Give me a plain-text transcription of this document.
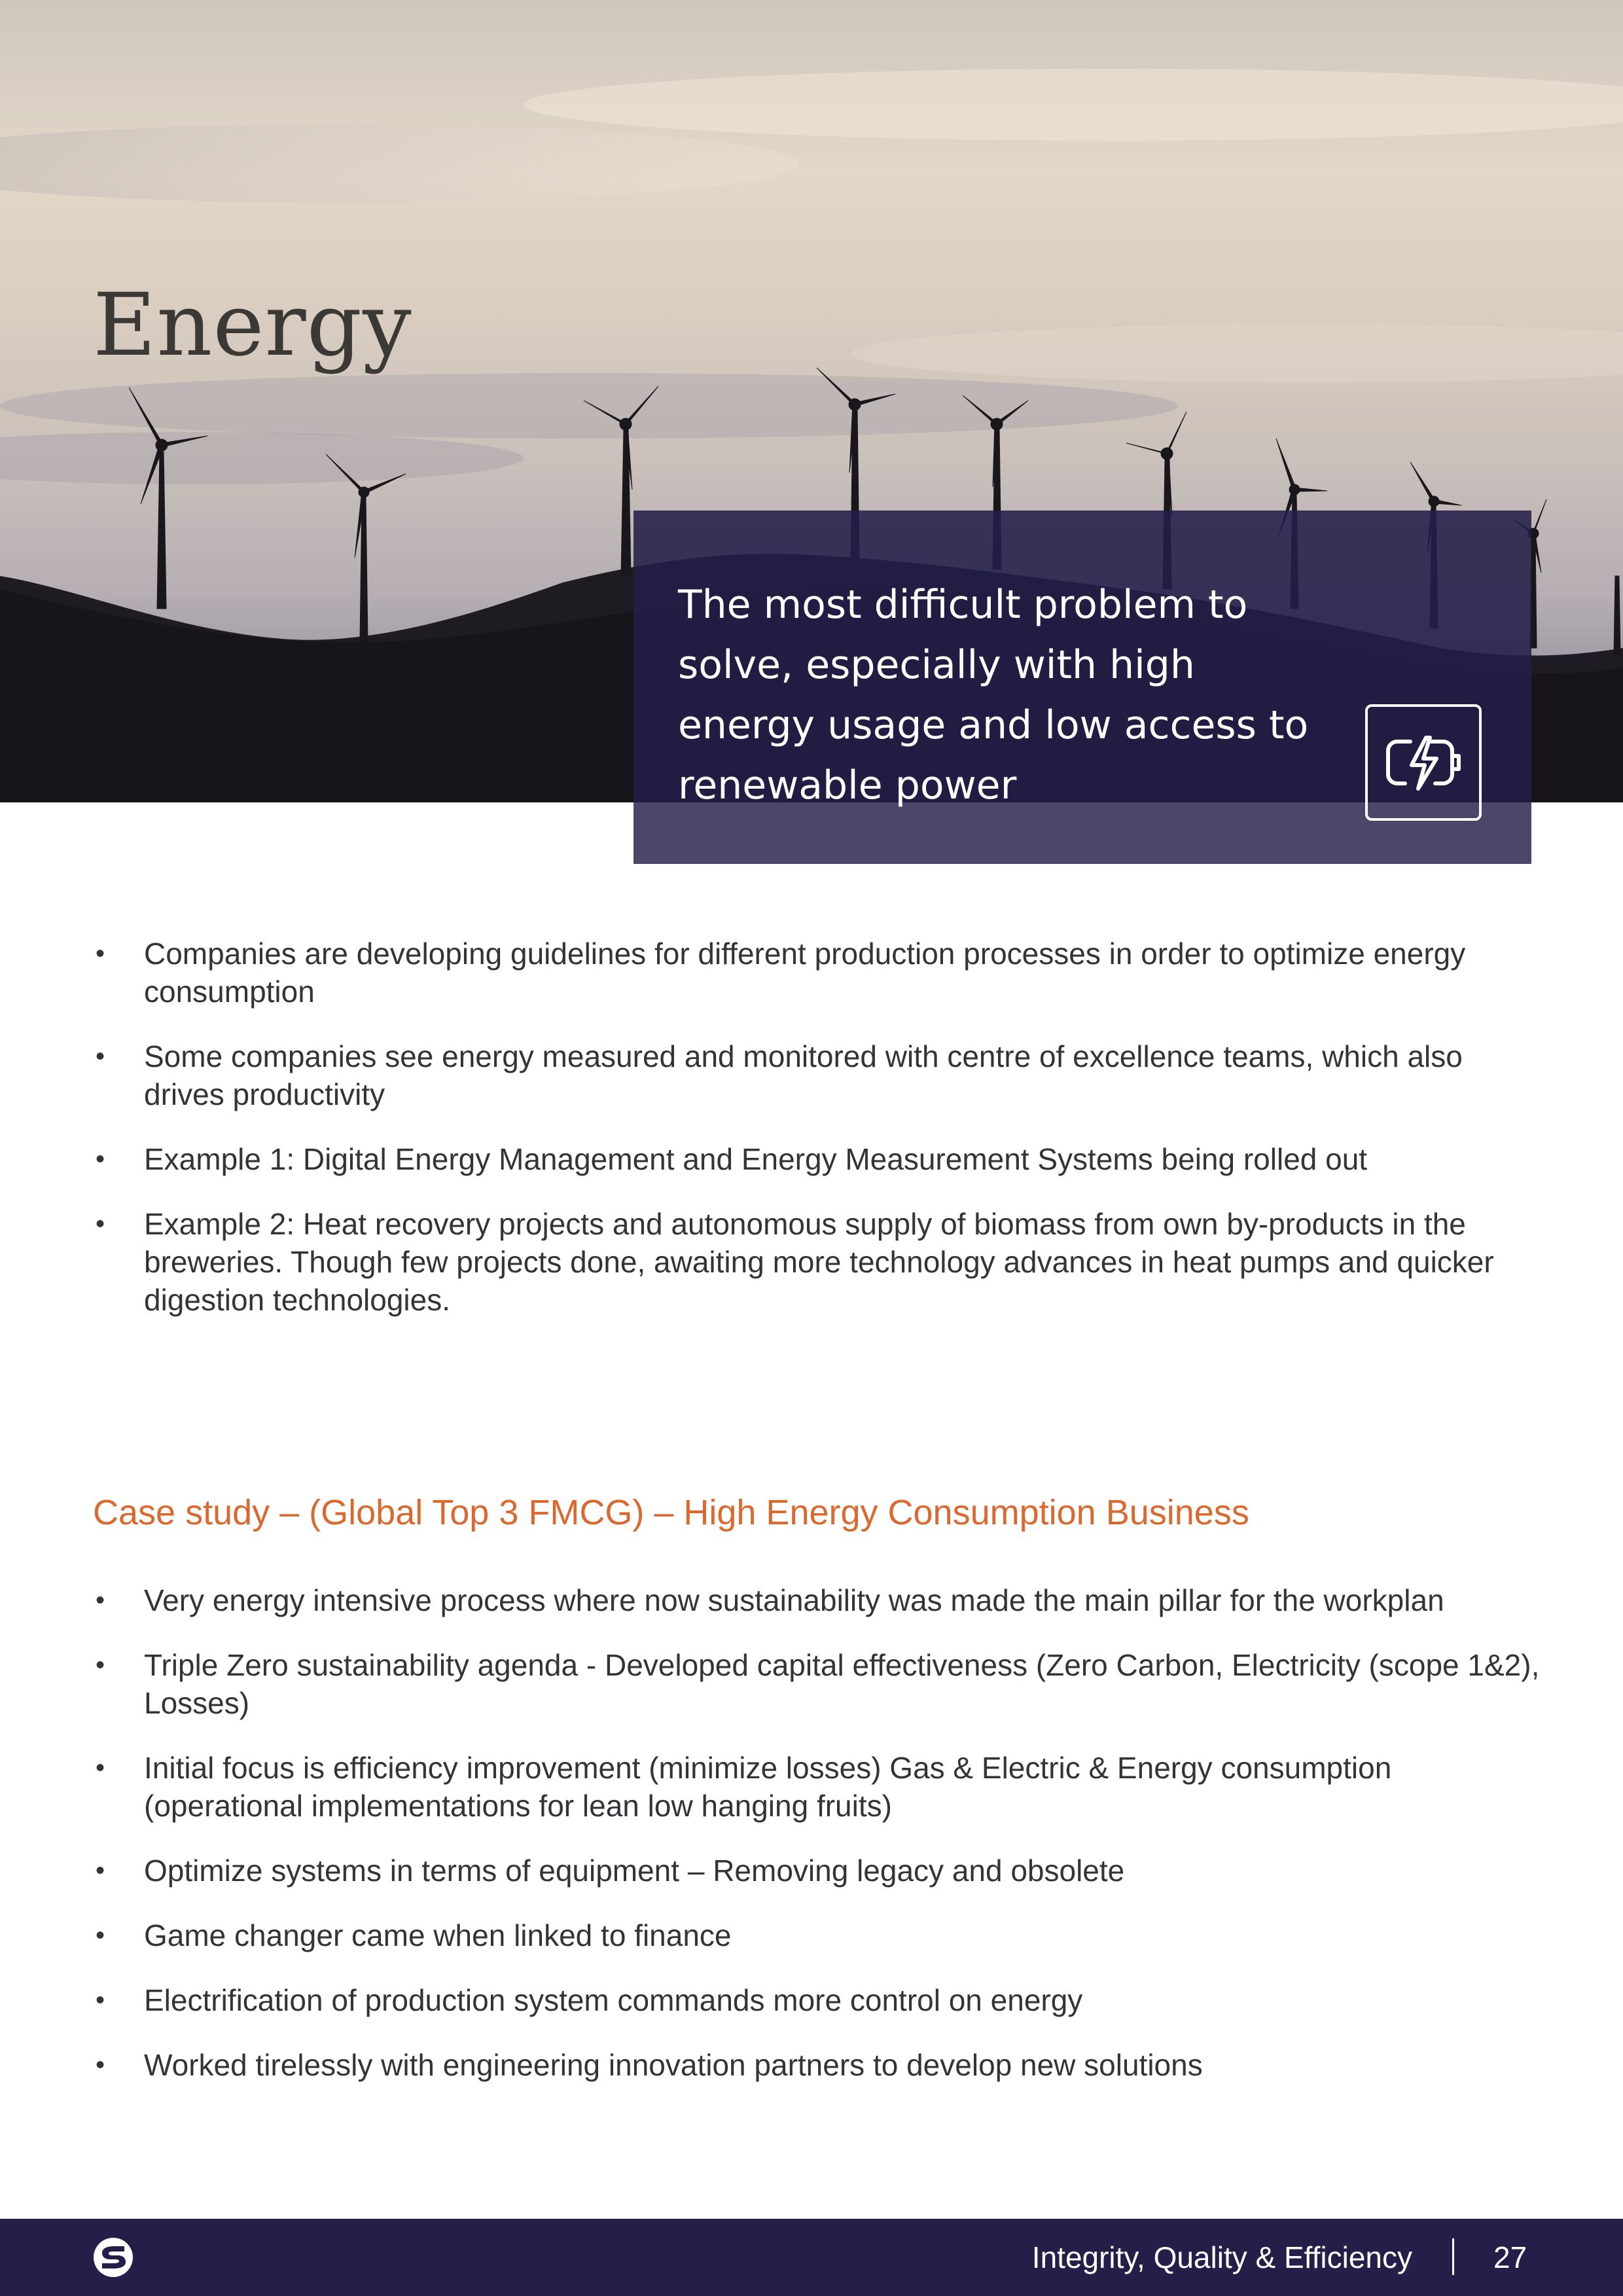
Energy
The most difficult problem to solve, especially with high energy usage and low access to renewable power
• Companies are developing guidelines for different production processes in order to optimize energy consumption
• Some companies see energy measured and monitored with centre of excellence teams, which also drives productivity
• Example 1: Digital Energy Management and Energy Measurement Systems being rolled out
• Example 2: Heat recovery projects and autonomous supply of biomass from own by-products in the breweries. Though few projects done, awaiting more technology advances in heat pumps and quicker digestion technologies.
Case study – (Global Top 3 FMCG) – High Energy Consumption Business
• Very energy intensive process where now sustainability was made the main pillar for the workplan
• Triple Zero sustainability agenda - Developed capital effectiveness (Zero Carbon, Electricity (scope 1&2), Losses)
• Initial focus is efficiency improvement (minimize losses) Gas & Electric & Energy consumption (operational implementations for lean low hanging fruits)
• Optimize systems in terms of equipment – Removing legacy and obsolete
• Game changer came when linked to finance
• Electrification of production system commands more control on energy
• Worked tirelessly with engineering innovation partners to develop new solutions
Integrity, Quality & Efficiency	27
